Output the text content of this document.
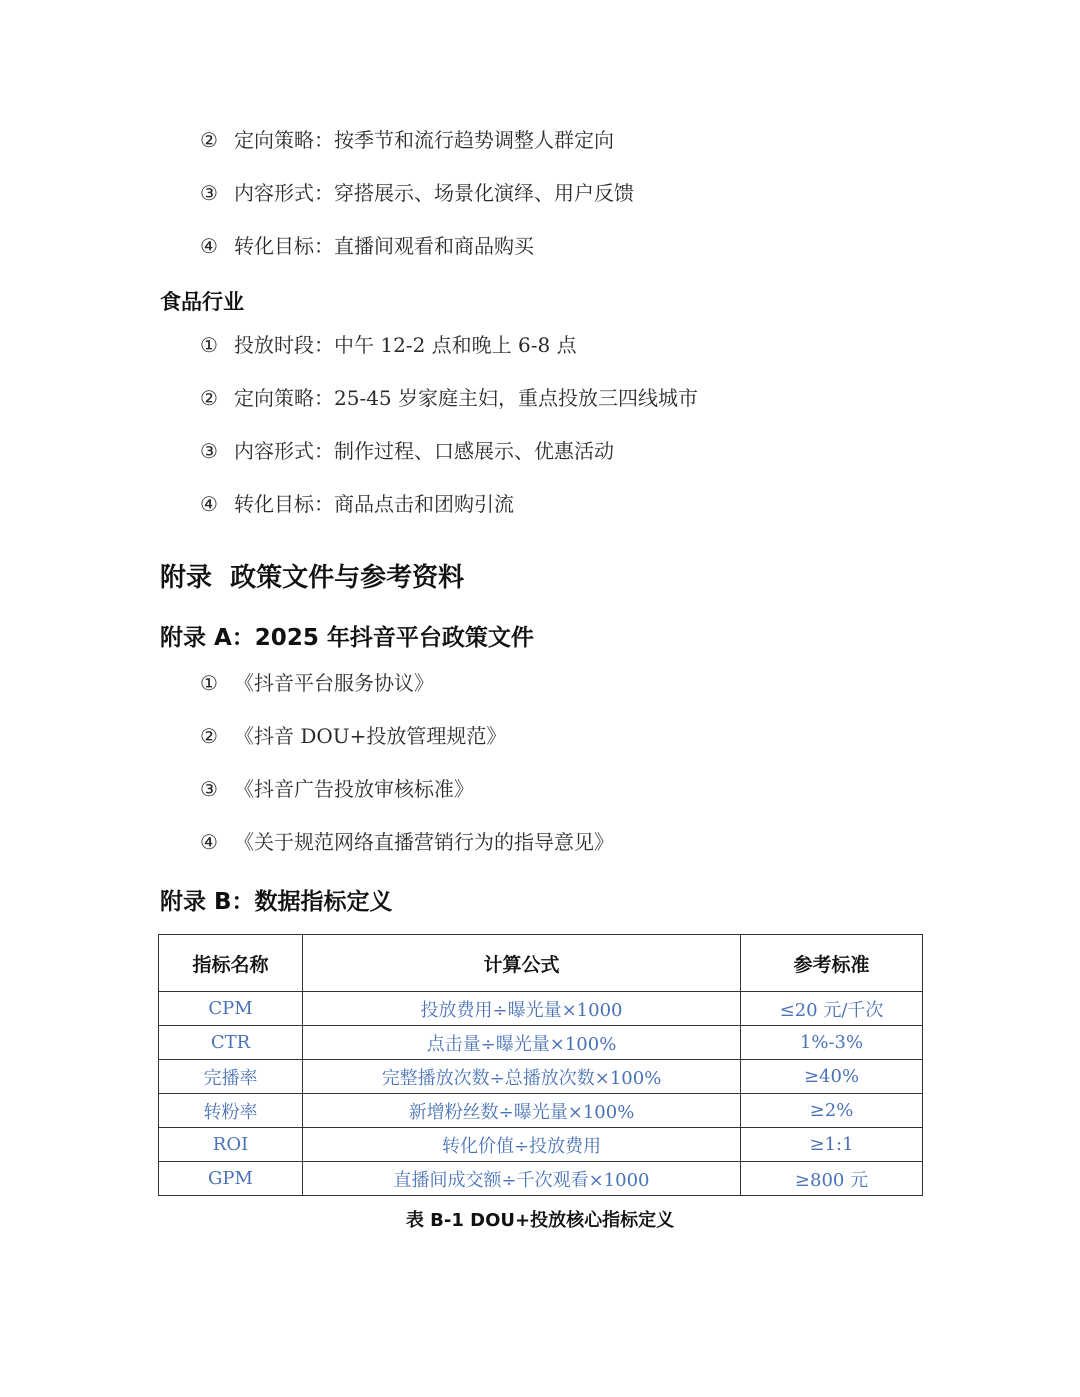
② 定向策略：按季节和流行趋势调整人群定向
③ 内容形式：穿搭展示、场景化演绎、用户反馈
④ 转化目标：直播间观看和商品购买
食品行业
① 投放时段：中午 12-2 点和晚上 6-8 点
② 定向策略：25-45 岁家庭主妇，重点投放三四线城市
③ 内容形式：制作过程、口感展示、优惠活动
④ 转化目标：商品点击和团购引流
附录  政策文件与参考资料
附录 A：2025 年抖音平台政策文件
① 《抖音平台服务协议》
② 《抖音 DOU+投放管理规范》
③ 《抖音广告投放审核标准》
④ 《关于规范网络直播营销行为的指导意见》
附录 B：数据指标定义
指标名称	计算公式	参考标准
CPM	投放费用÷曝光量×1000	≤20 元/千次
CTR	点击量÷曝光量×100%	1%-3%
完播率	完整播放次数÷总播放次数×100%	≥40%
转粉率	新增粉丝数÷曝光量×100%	≥2%
ROI	转化价值÷投放费用	≥1:1
GPM	直播间成交额÷千次观看×1000	≥800 元
表 B-1 DOU+投放核心指标定义
